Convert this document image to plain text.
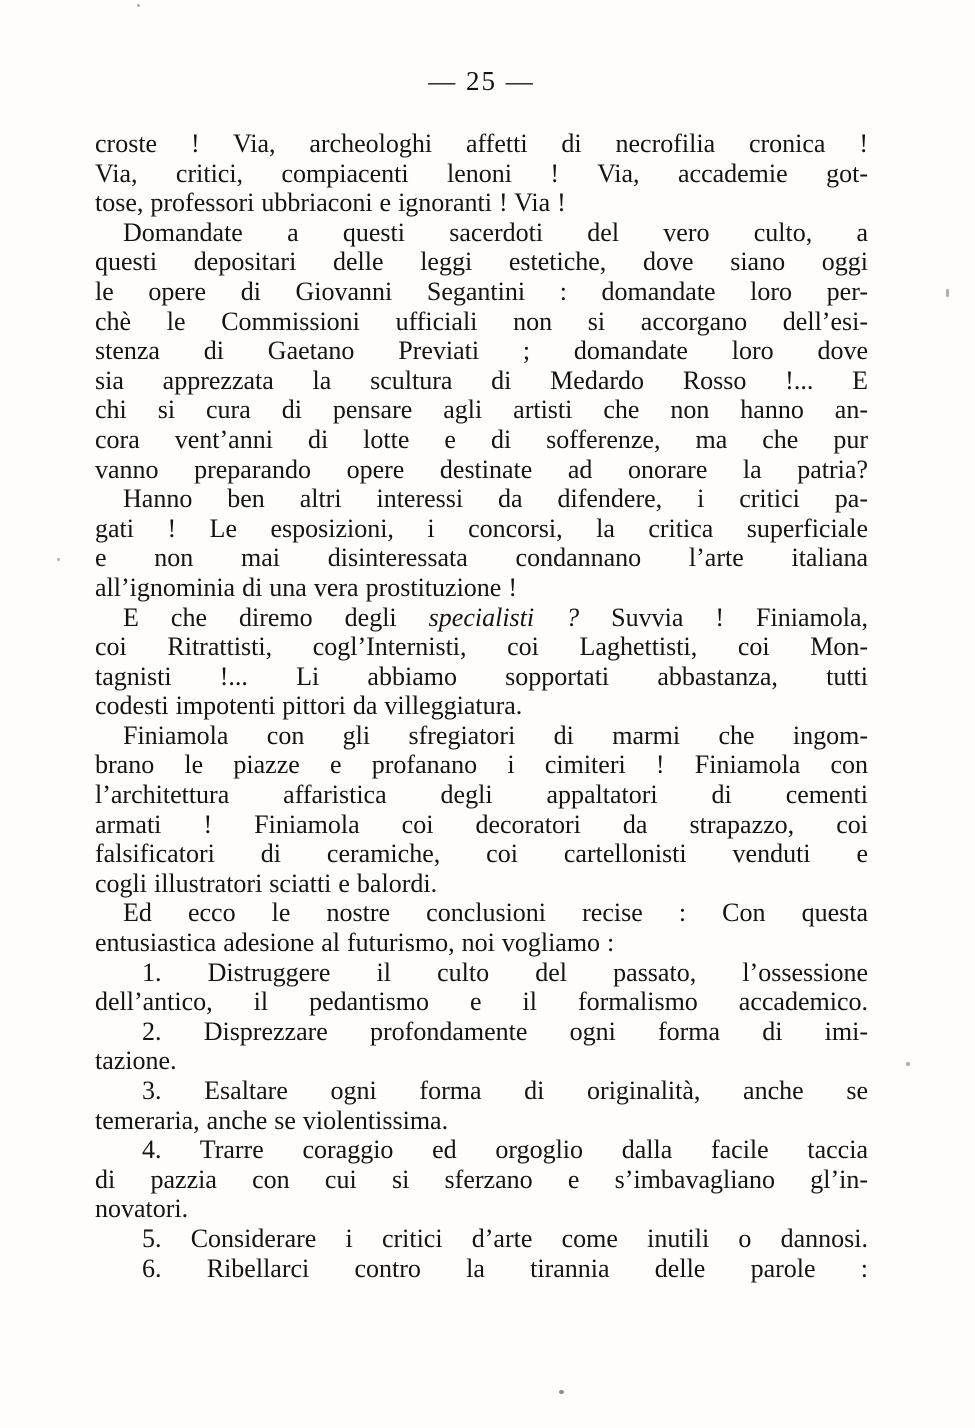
— 25 —
croste ! Via, archeologhi affetti di necrofilia cronica !
Via, critici, compiacenti lenoni ! Via, accademie got-
tose, professori ubbriaconi e ignoranti ! Via !
Domandate a questi sacerdoti del vero culto, a
questi depositari delle leggi estetiche, dove siano oggi
le opere di Giovanni Segantini : domandate loro per-
chè le Commissioni ufficiali non si accorgano dell’esi-
stenza di Gaetano Previati ; domandate loro dove
sia apprezzata la scultura di Medardo Rosso !... E
chi si cura di pensare agli artisti che non hanno an-
cora vent’anni di lotte e di sofferenze, ma che pur
vanno preparando opere destinate ad onorare la patria?
Hanno ben altri interessi da difendere, i critici pa-
gati ! Le esposizioni, i concorsi, la critica superficiale
e non mai disinteressata condannano l’arte italiana
all’ignominia di una vera prostituzione !
E che diremo degli specialisti ? Suvvia ! Finiamola,
coi Ritrattisti, cogl’Internisti, coi Laghettisti, coi Mon-
tagnisti !... Li abbiamo sopportati abbastanza, tutti
codesti impotenti pittori da villeggiatura.
Finiamola con gli sfregiatori di marmi che ingom-
brano le piazze e profanano i cimiteri ! Finiamola con
l’architettura affaristica degli appaltatori di cementi
armati ! Finiamola coi decoratori da strapazzo, coi
falsificatori di ceramiche, coi cartellonisti venduti e
cogli illustratori sciatti e balordi.
Ed ecco le nostre conclusioni recise : Con questa
entusiastica adesione al futurismo, noi vogliamo :
1. Distruggere il culto del passato, l’ossessione
dell’antico, il pedantismo e il formalismo accademico.
2. Disprezzare profondamente ogni forma di imi-
tazione.
3. Esaltare ogni forma di originalità, anche se
temeraria, anche se violentissima.
4. Trarre coraggio ed orgoglio dalla facile taccia
di pazzia con cui si sferzano e s’imbavagliano gl’in-
novatori.
5. Considerare i critici d’arte come inutili o dannosi.
6. Ribellarci contro la tirannia delle parole :
